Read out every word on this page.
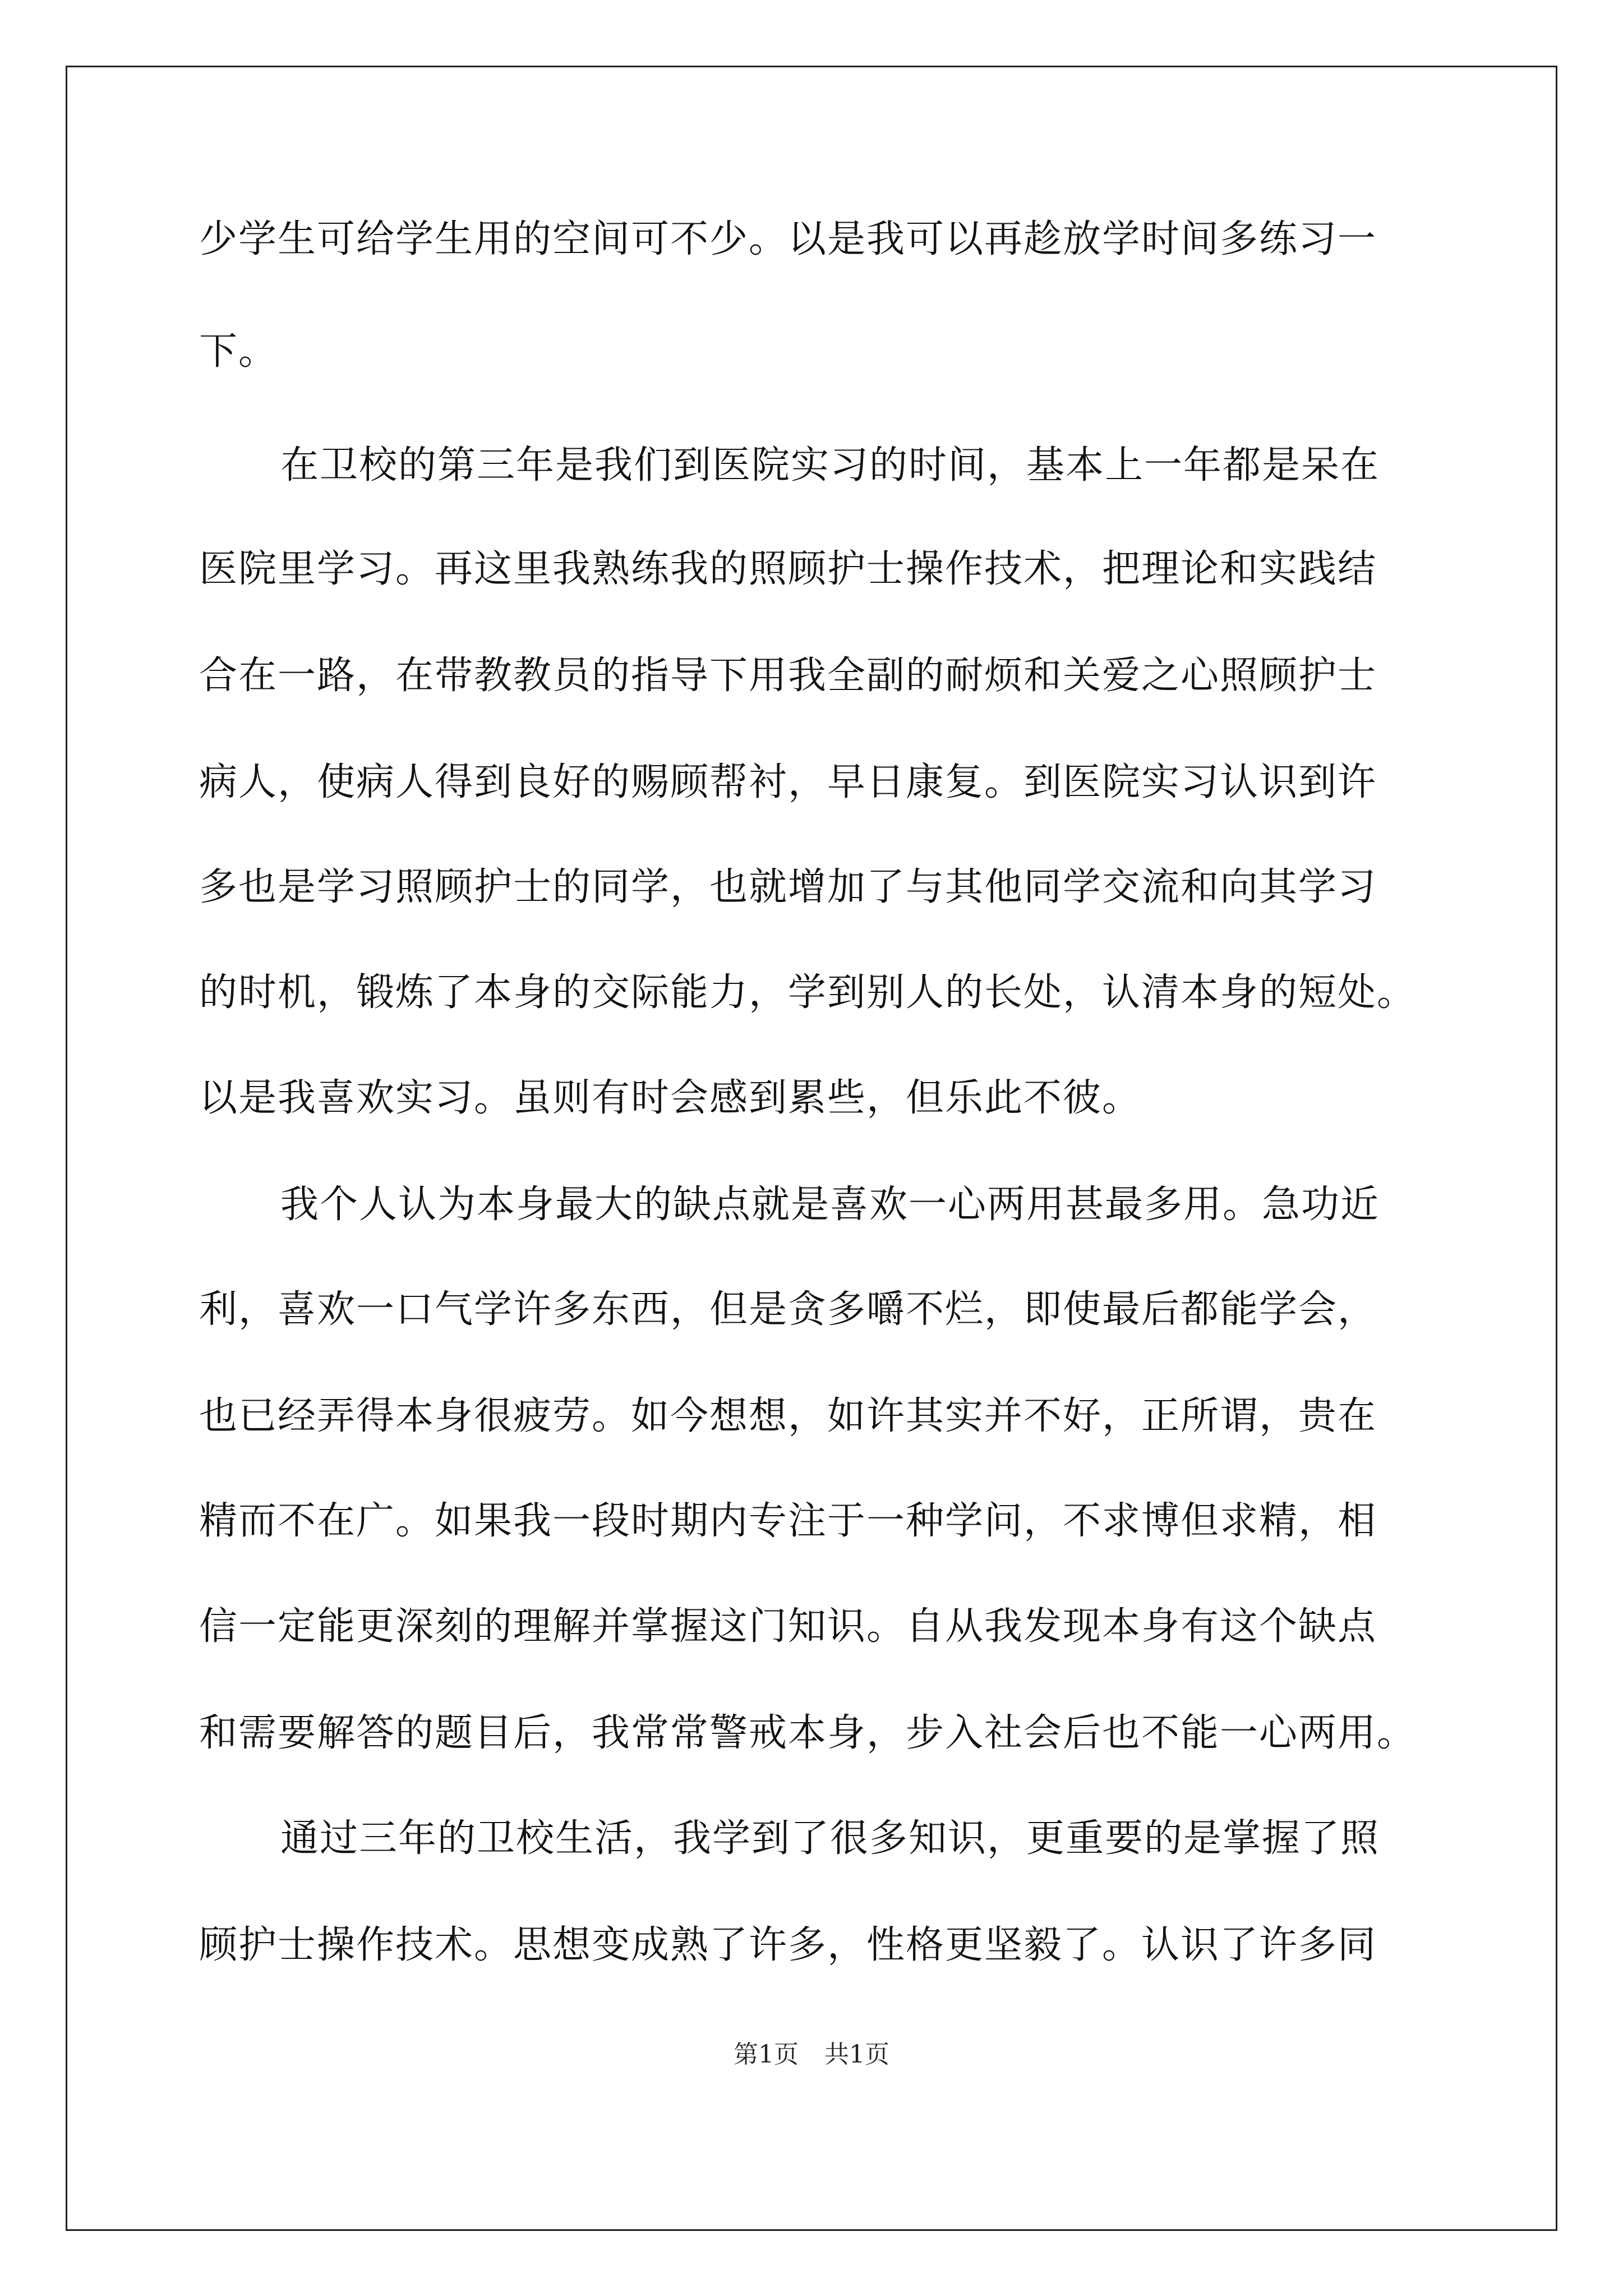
少学生可给学生用的空间可不少。以是我可以再趁放学时间多练习一
下。
在卫校的第三年是我们到医院实习的时间，基本上一年都是呆在
医院里学习。再这里我熟练我的照顾护士操作技术，把理论和实践结
合在一路，在带教教员的指导下用我全副的耐烦和关爱之心照顾护士
病人，使病人得到良好的赐顾帮衬，早日康复。到医院实习认识到许
多也是学习照顾护士的同学，也就增加了与其他同学交流和向其学习
的时机，锻炼了本身的交际能力，学到别人的长处，认清本身的短处。
以是我喜欢实习。虽则有时会感到累些，但乐此不彼。
我个人认为本身最大的缺点就是喜欢一心两用甚最多用。急功近
利，喜欢一口气学许多东西，但是贪多嚼不烂，即使最后都能学会，
也已经弄得本身很疲劳。如今想想，如许其实并不好，正所谓，贵在
精而不在广。如果我一段时期内专注于一种学问，不求博但求精，相
信一定能更深刻的理解并掌握这门知识。自从我发现本身有这个缺点
和需要解答的题目后，我常常警戒本身，步入社会后也不能一心两用。
通过三年的卫校生活，我学到了很多知识，更重要的是掌握了照
顾护士操作技术。思想变成熟了许多，性格更坚毅了。认识了许多同
第1页 共1页
